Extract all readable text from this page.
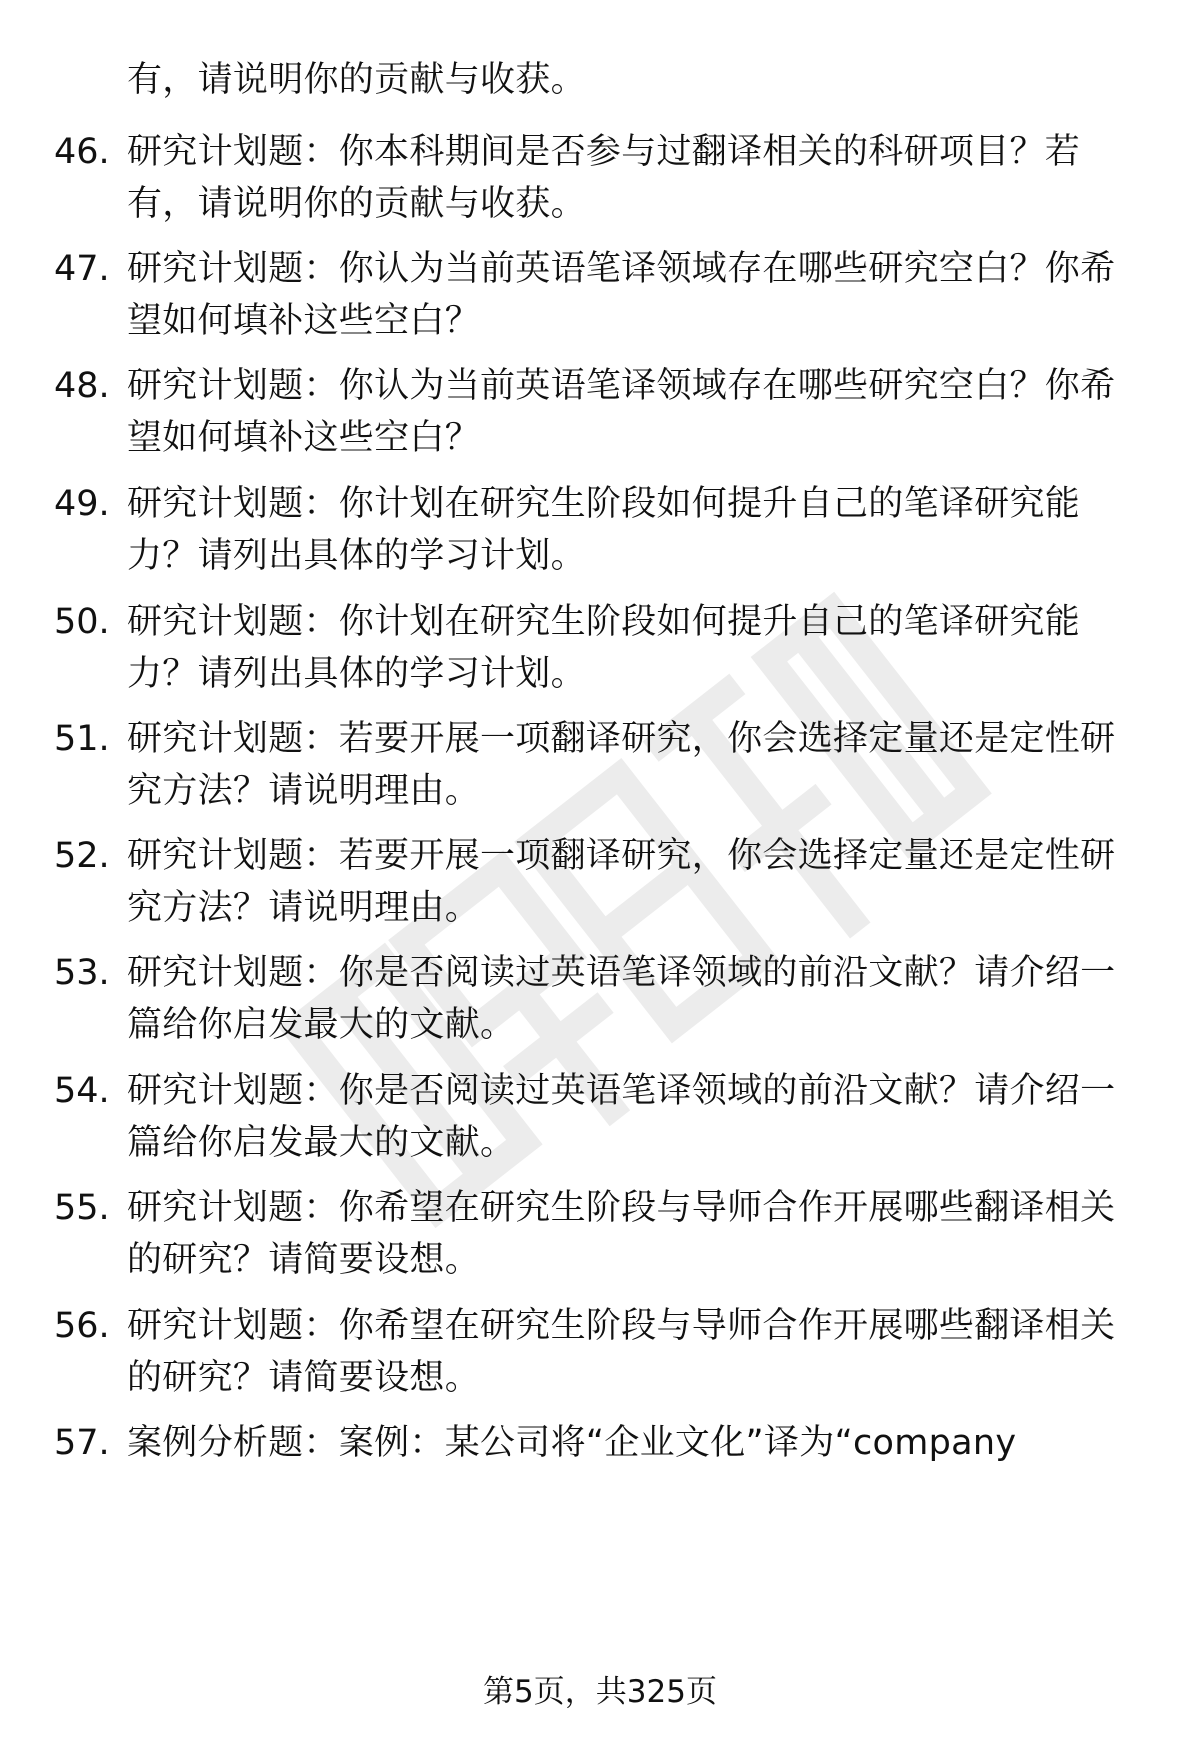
有，请说明你的贡献与收获。
46. 研究计划题：你本科期间是否参与过翻译相关的科研项目？若有，请说明你的贡献与收获。
47. 研究计划题：你认为当前英语笔译领域存在哪些研究空白？你希望如何填补这些空白？
48. 研究计划题：你认为当前英语笔译领域存在哪些研究空白？你希望如何填补这些空白？
49. 研究计划题：你计划在研究生阶段如何提升自己的笔译研究能力？请列出具体的学习计划。
50. 研究计划题：你计划在研究生阶段如何提升自己的笔译研究能力？请列出具体的学习计划。
51. 研究计划题：若要开展一项翻译研究，你会选择定量还是定性研究方法？请说明理由。
52. 研究计划题：若要开展一项翻译研究，你会选择定量还是定性研究方法？请说明理由。
53. 研究计划题：你是否阅读过英语笔译领域的前沿文献？请介绍一篇给你启发最大的文献。
54. 研究计划题：你是否阅读过英语笔译领域的前沿文献？请介绍一篇给你启发最大的文献。
55. 研究计划题：你希望在研究生阶段与导师合作开展哪些翻译相关的研究？请简要设想。
56. 研究计划题：你希望在研究生阶段与导师合作开展哪些翻译相关的研究？请简要设想。
57. 案例分析题：案例：某公司将“企业文化”译为“company
第5页，共325页
